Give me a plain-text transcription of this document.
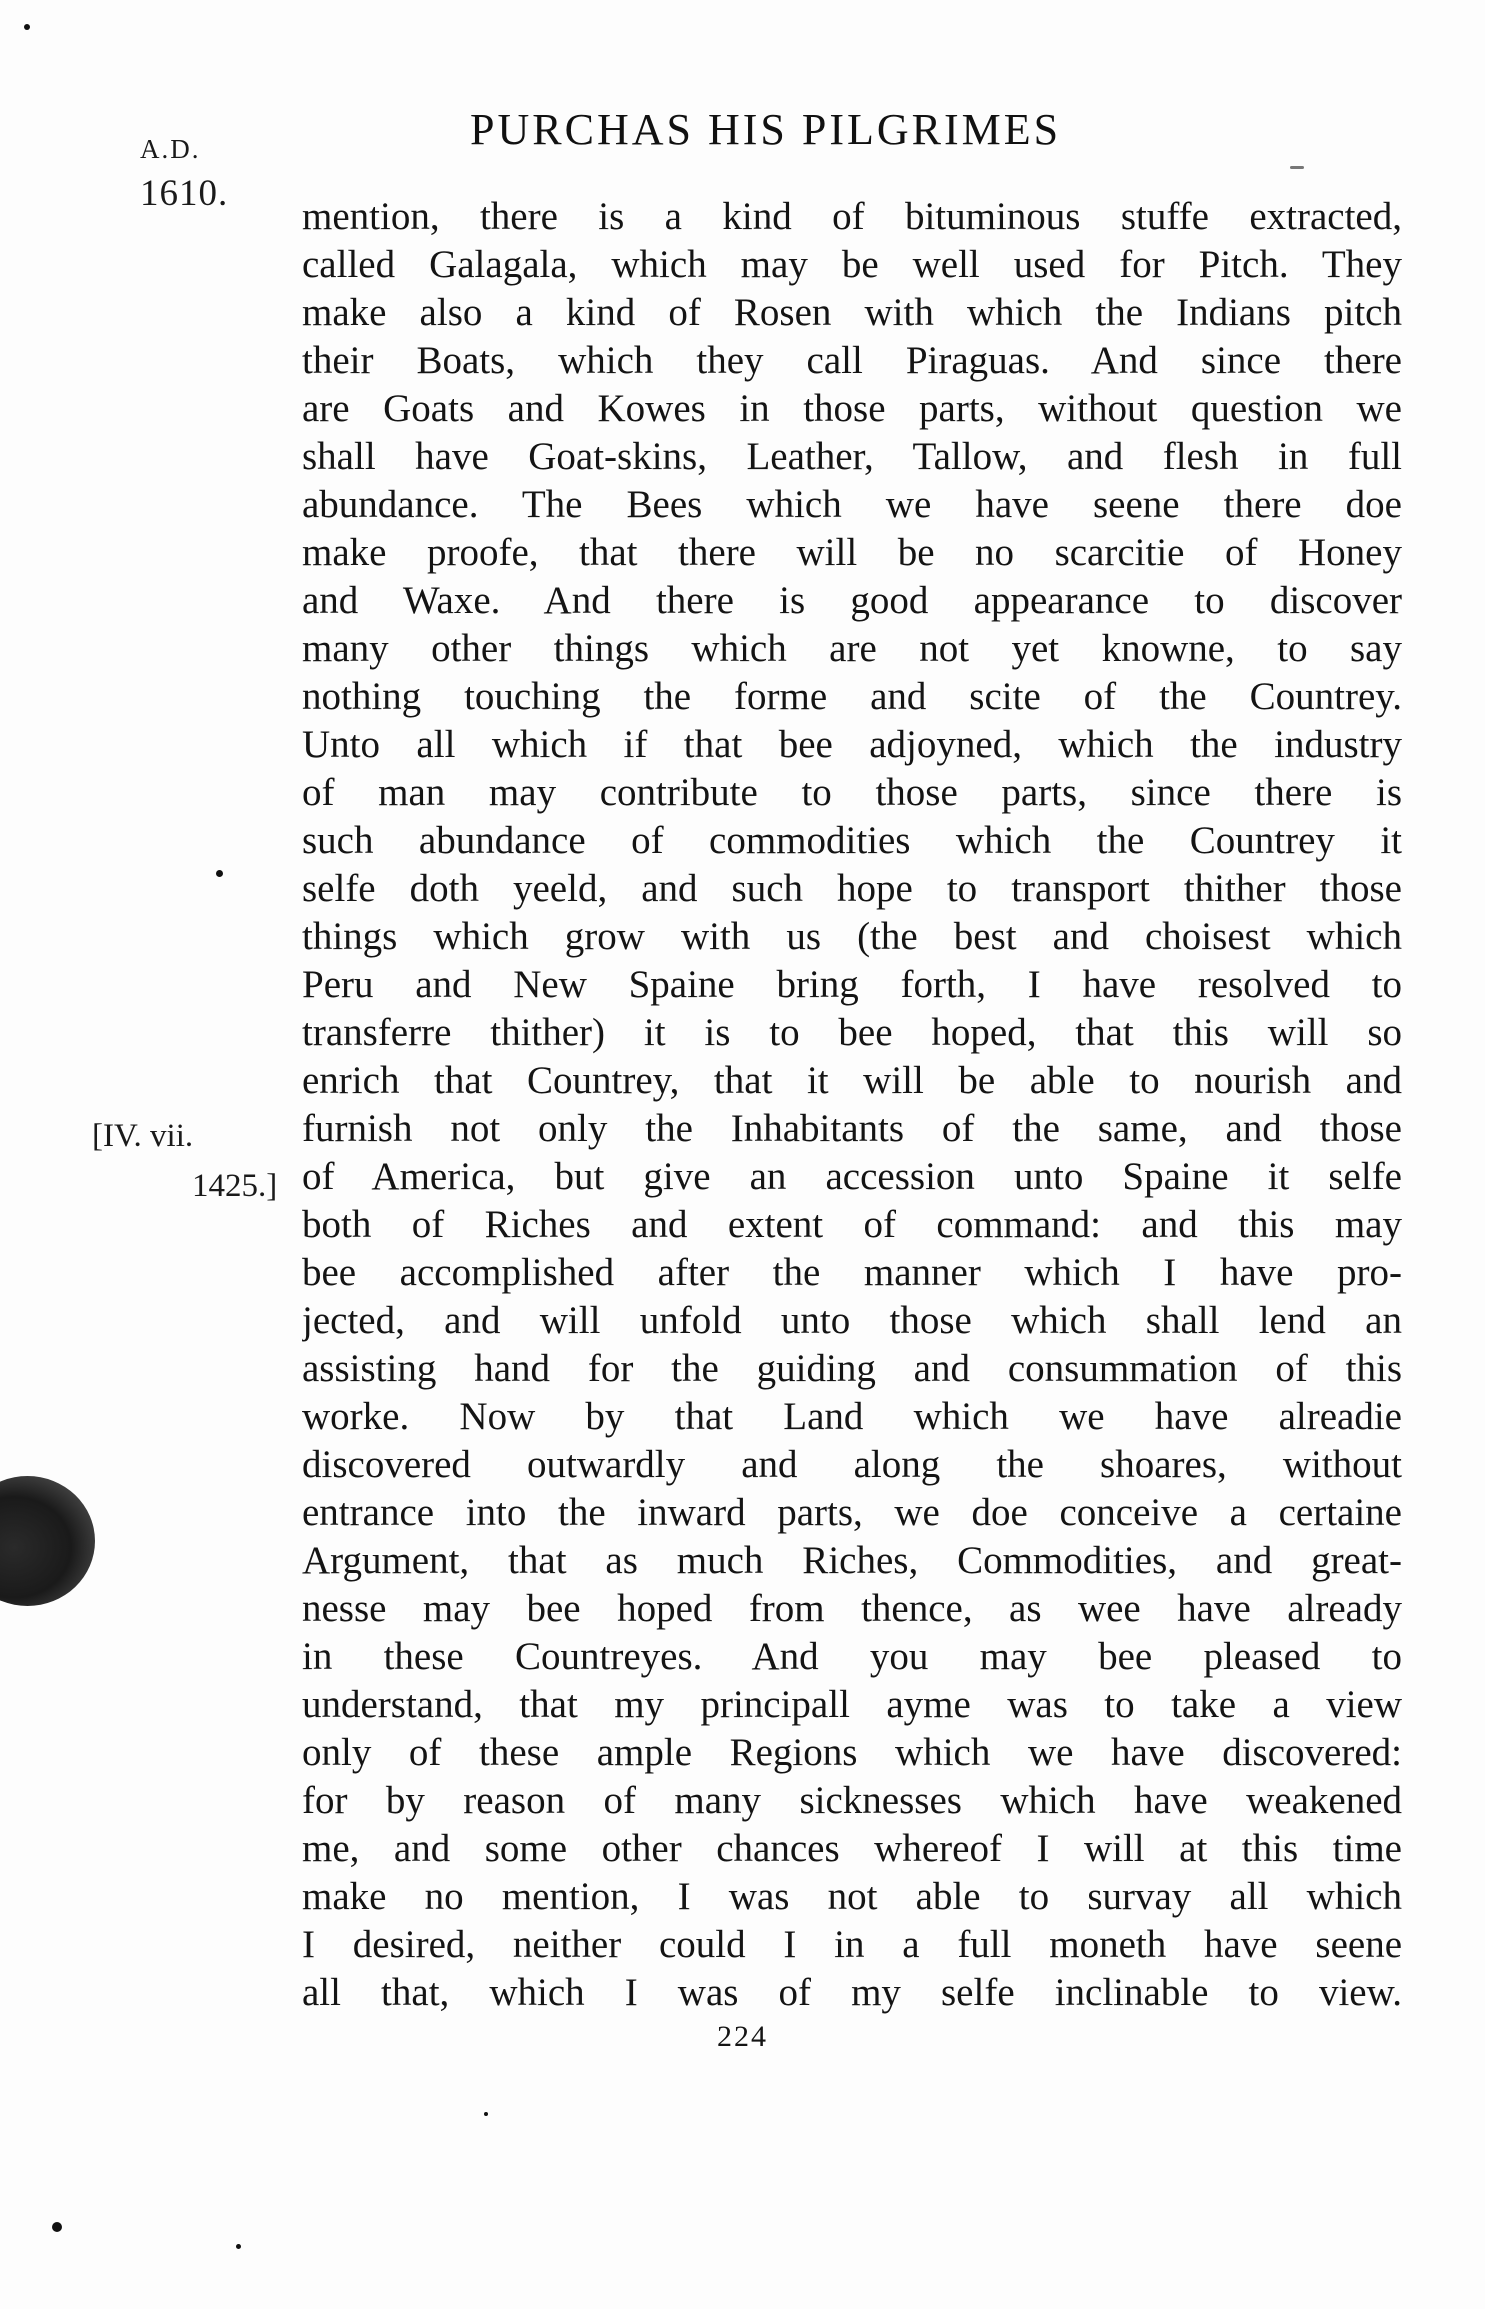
A.D.
1610.
PURCHAS HIS PILGRIMES
[IV. vii.
1425.]
mention, there is a kind of bituminous stuffe extracted,
called Galagala, which may be well used for Pitch. They
make also a kind of Rosen with which the Indians pitch
their Boats, which they call Piraguas. And since there
are Goats and Kowes in those parts, without question we
shall have Goat-skins, Leather, Tallow, and flesh in full
abundance. The Bees which we have seene there doe
make proofe, that there will be no scarcitie of Honey
and Waxe. And there is good appearance to discover
many other things which are not yet knowne, to say
nothing touching the forme and scite of the Countrey.
Unto all which if that bee adjoyned, which the industry
of man may contribute to those parts, since there is
such abundance of commodities which the Countrey it
selfe doth yeeld, and such hope to transport thither those
things which grow with us (the best and choisest which
Peru and New Spaine bring forth, I have resolved to
transferre thither) it is to bee hoped, that this will so
enrich that Countrey, that it will be able to nourish and
furnish not only the Inhabitants of the same, and those
of America, but give an accession unto Spaine it selfe
both of Riches and extent of command: and this may
bee accomplished after the manner which I have pro-
jected, and will unfold unto those which shall lend an
assisting hand for the guiding and consummation of this
worke. Now by that Land which we have alreadie
discovered outwardly and along the shoares, without
entrance into the inward parts, we doe conceive a certaine
Argument, that as much Riches, Commodities, and great-
nesse may bee hoped from thence, as wee have already
in these Countreyes. And you may bee pleased to
understand, that my principall ayme was to take a view
only of these ample Regions which we have discovered:
for by reason of many sicknesses which have weakened
me, and some other chances whereof I will at this time
make no mention, I was not able to survay all which
I desired, neither could I in a full moneth have seene
all that, which I was of my selfe inclinable to view.
224
